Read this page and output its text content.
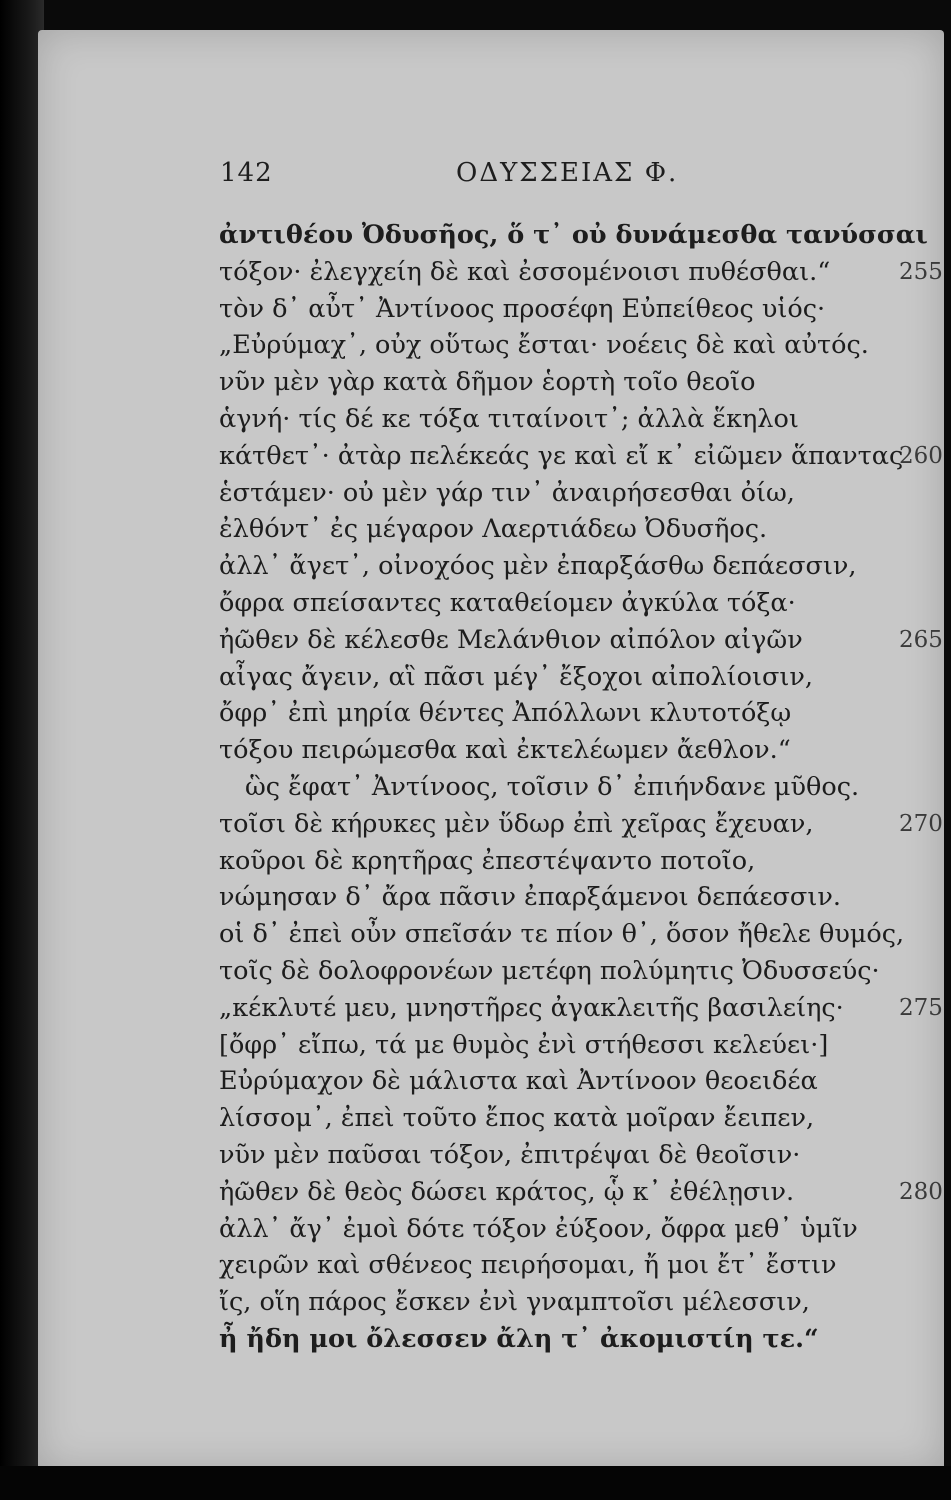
142	ΟΔΥΣΣΕΙΑΣ Φ.
ἀντιθέου Ὀδυσῆος, ὅ τ᾽ οὐ δυνάμεσθα τανύσσαι
τόξον· ἐλεγχείη δὲ καὶ ἐσσομένοισι πυθέσθαι.“	255
τὸν δ᾽ αὖτ᾽ Ἀντίνοος προσέφη Εὐπείθεος υἱός·
„Εὐρύμαχ᾽, οὐχ οὕτως ἔσται· νοέεις δὲ καὶ αὐτός.
νῦν μὲν γὰρ κατὰ δῆμον ἑορτὴ τοῖο θεοῖο
ἁγνή· τίς δέ κε τόξα τιταίνοιτ᾽; ἀλλὰ ἕκηλοι
κάτθετ᾽· ἀτὰρ πελέκεάς γε καὶ εἴ κ᾽ εἰῶμεν ἅπαντας
260
ἑστάμεν· οὐ μὲν γάρ τιν᾽ ἀναιρήσεσθαι ὀίω,
ἐλθόντ᾽ ἐς μέγαρον Λαερτιάδεω Ὀδυσῆος.
ἀλλ᾽ ἄγετ᾽, οἰνοχόος μὲν ἐπαρξάσθω δεπάεσσιν,
ὄφρα σπείσαντες καταθείομεν ἀγκύλα τόξα·
ἠῶθεν δὲ κέλεσθε Μελάνθιον αἰπόλον αἰγῶν	265
αἶγας ἄγειν, αἳ πᾶσι μέγ᾽ ἔξοχοι αἰπολίοισιν,
ὄφρ᾽ ἐπὶ μηρία θέντες Ἀπόλλωνι κλυτοτόξῳ
τόξου πειρώμεσθα καὶ ἐκτελέωμεν ἄεθλον.“
ὣς ἔφατ᾽ Ἀντίνοος, τοῖσιν δ᾽ ἐπιήνδανε μῦθος.
τοῖσι δὲ κήρυκες μὲν ὕδωρ ἐπὶ χεῖρας ἔχευαν,	270
κοῦροι δὲ κρητῆρας ἐπεστέψαντο ποτοῖο,
νώμησαν δ᾽ ἄρα πᾶσιν ἐπαρξάμενοι δεπάεσσιν.
οἱ δ᾽ ἐπεὶ οὖν σπεῖσάν τε πίον θ᾽, ὅσον ἤθελε θυμός,
τοῖς δὲ δολοφρονέων μετέφη πολύμητις Ὀδυσσεύς·
„κέκλυτέ μευ, μνηστῆρες ἀγακλειτῆς βασιλείης· 275
[ὄφρ᾽ εἴπω, τά με θυμὸς ἐνὶ στήθεσσι κελεύει·]
Εὐρύμαχον δὲ μάλιστα καὶ Ἀντίνοον θεοειδέα
λίσσομ᾽, ἐπεὶ τοῦτο ἔπος κατὰ μοῖραν ἔειπεν,
νῦν μὲν παῦσαι τόξον, ἐπιτρέψαι δὲ θεοῖσιν·
ἠῶθεν δὲ θεὸς δώσει κράτος, ᾧ κ᾽ ἐθέλῃσιν.	280
ἀλλ᾽ ἄγ᾽ ἐμοὶ δότε τόξον ἐύξοον, ὄφρα μεθ᾽ ὑμῖν
χειρῶν καὶ σθένεος πειρήσομαι, ἤ μοι ἔτ᾽ ἔστιν
ἴς, οἵη πάρος ἔσκεν ἐνὶ γναμπτοῖσι μέλεσσιν,
ἦ ἤδη μοι ὄλεσσεν ἄλη τ᾽ ἀκομιστίη τε.“
